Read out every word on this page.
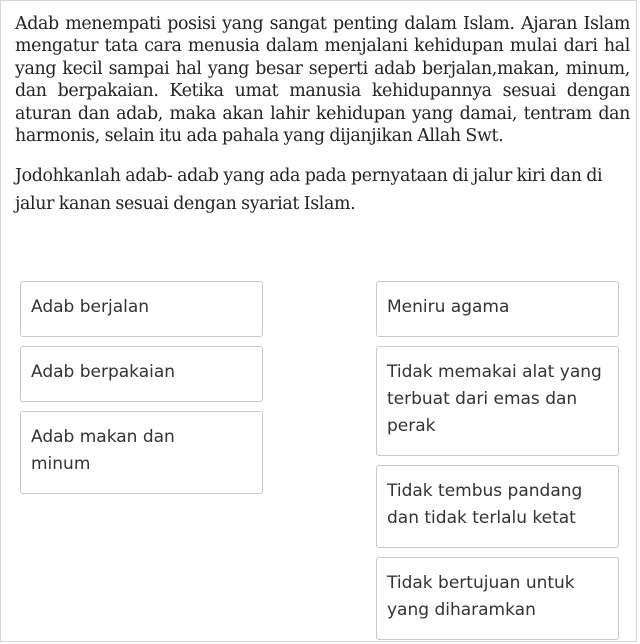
Adab menempati posisi yang sangat penting dalam Islam. Ajaran Islam mengatur tata cara menusia dalam menjalani kehidupan mulai dari hal yang kecil sampai hal yang besar seperti adab berjalan,makan, minum, dan berpakaian. Ketika umat manusia kehidupannya sesuai dengan aturan dan adab, maka akan lahir kehidupan yang damai, tentram dan harmonis, selain itu ada pahala yang dijanjikan Allah Swt.

Jodohkanlah adab- adab yang ada pada pernyataan di jalur kiri dan di jalur kanan sesuai dengan syariat Islam.

Adab berjalan
Adab berpakaian
Adab makan dan minum
Meniru agama
Tidak memakai alat yang terbuat dari emas dan perak
Tidak tembus pandang dan tidak terlalu ketat
Tidak bertujuan untuk yang diharamkan
